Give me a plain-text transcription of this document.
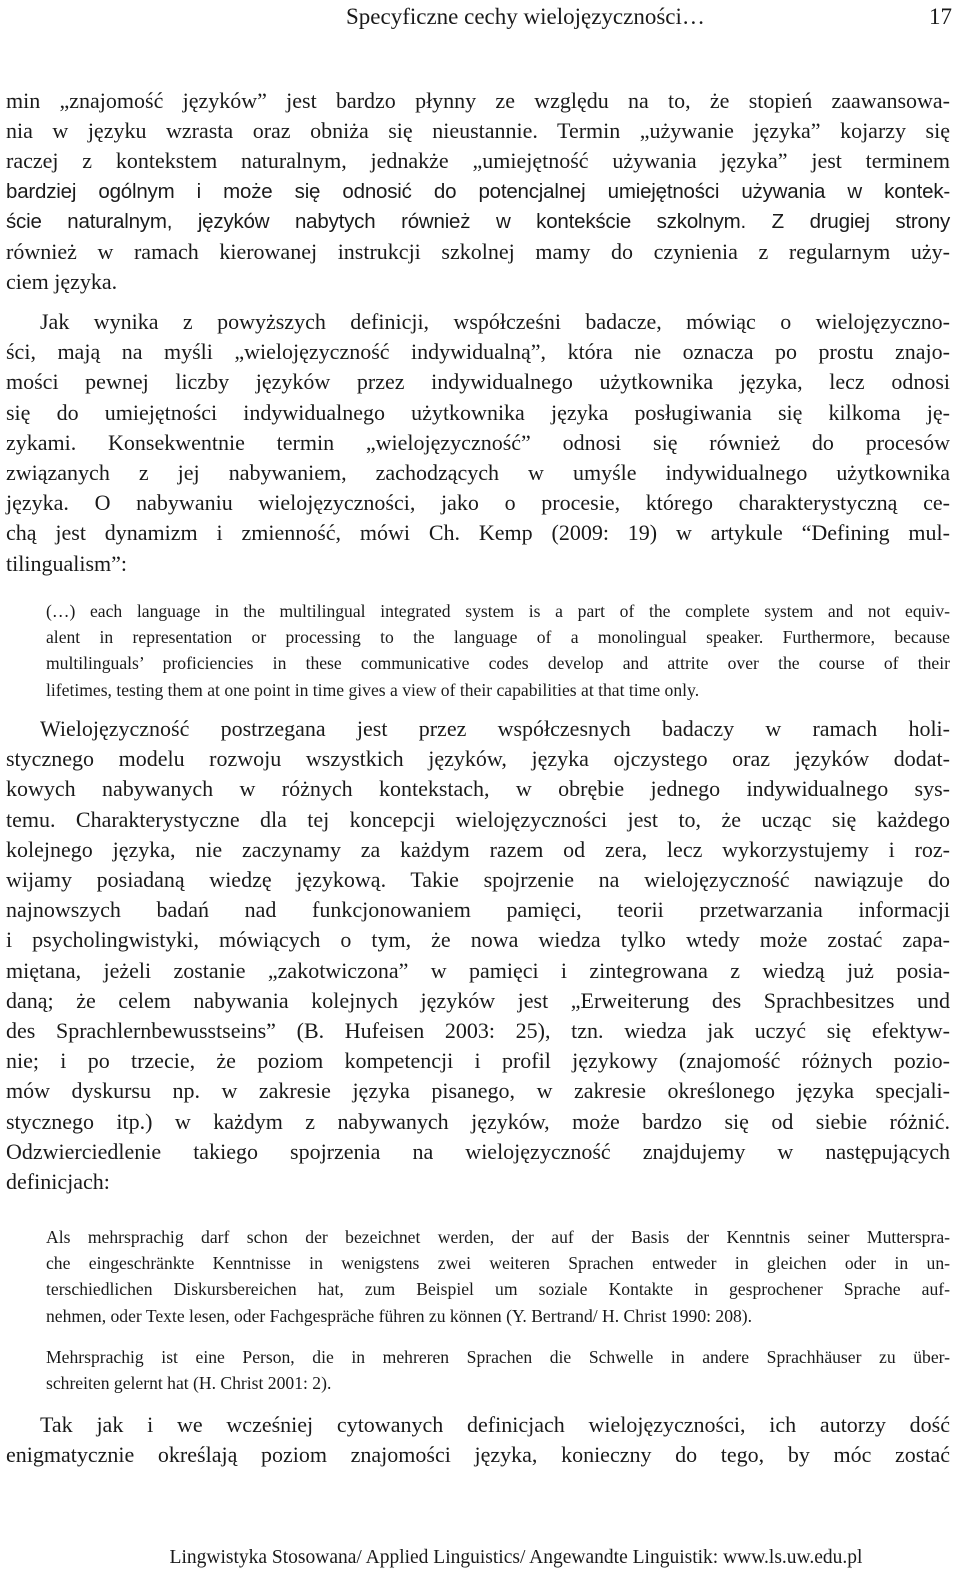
Specyficzne cechy wielojęzyczności…	17
min „znajomość języków” jest bardzo płynny ze względu na to, że stopień zaawansowa-
nia w języku wzrasta oraz obniża się nieustannie. Termin „używanie języka” kojarzy się
raczej z kontekstem naturalnym, jednakże „umiejętność używania języka” jest terminem
bardziej ogólnym i może się odnosić do potencjalnej umiejętności używania w kontek-
ście naturalnym, języków nabytych również w kontekście szkolnym. Z drugiej strony
również w ramach kierowanej instrukcji szkolnej mamy do czynienia z regularnym uży-
ciem języka.
Jak wynika z powyższych definicji, współcześni badacze, mówiąc o wielojęzyczno-
ści, mają na myśli „wielojęzyczność indywidualną”, która nie oznacza po prostu znajo-
mości pewnej liczby języków przez indywidualnego użytkownika języka, lecz odnosi
się do umiejętności indywidualnego użytkownika języka posługiwania się kilkoma ję-
zykami. Konsekwentnie termin „wielojęzyczność” odnosi się również do procesów
związanych z jej nabywaniem, zachodzących w umyśle indywidualnego użytkownika
języka. O nabywaniu wielojęzyczności, jako o procesie, którego charakterystyczną ce-
chą jest dynamizm i zmienność, mówi Ch. Kemp (2009: 19) w artykule “Defining mul-
tilingualism”:
(…) each language in the multilingual integrated system is a part of the complete system and not equiv-
alent in representation or processing to the language of a monolingual speaker. Furthermore, because
multilinguals’ proficiencies in these communicative codes develop and attrite over the course of their
lifetimes, testing them at one point in time gives a view of their capabilities at that time only.
Wielojęzyczność postrzegana jest przez współczesnych badaczy w ramach holi-
stycznego modelu rozwoju wszystkich języków, języka ojczystego oraz języków dodat-
kowych nabywanych w różnych kontekstach, w obrębie jednego indywidualnego sys-
temu. Charakterystyczne dla tej koncepcji wielojęzyczności jest to, że ucząc się każdego
kolejnego języka, nie zaczynamy za każdym razem od zera, lecz wykorzystujemy i roz-
wijamy posiadaną wiedzę językową. Takie spojrzenie na wielojęzyczność nawiązuje do
najnowszych badań nad funkcjonowaniem pamięci, teorii przetwarzania informacji
i psycholingwistyki, mówiących o tym, że nowa wiedza tylko wtedy może zostać zapa-
miętana, jeżeli zostanie „zakotwiczona” w pamięci i zintegrowana z wiedzą już posia-
daną; że celem nabywania kolejnych języków jest „Erweiterung des Sprachbesitzes und
des Sprachlernbewusstseins” (B. Hufeisen 2003: 25), tzn. wiedza jak uczyć się efektyw-
nie; i po trzecie, że poziom kompetencji i profil językowy (znajomość różnych pozio-
mów dyskursu np. w zakresie języka pisanego, w zakresie określonego języka specjali-
stycznego itp.) w każdym z nabywanych języków, może bardzo się od siebie różnić.
Odzwierciedlenie takiego spojrzenia na wielojęzyczność znajdujemy w następujących
definicjach:
Als mehrsprachig darf schon der bezeichnet werden, der auf der Basis der Kenntnis seiner Mutterspra-
che eingeschränkte Kenntnisse in wenigstens zwei weiteren Sprachen entweder in gleichen oder in un-
terschiedlichen Diskursbereichen hat, zum Beispiel um soziale Kontakte in gesprochener Sprache auf-
nehmen, oder Texte lesen, oder Fachgespräche führen zu können (Y. Bertrand/ H. Christ 1990: 208).
Mehrsprachig ist eine Person, die in mehreren Sprachen die Schwelle in andere Sprachhäuser zu über-
schreiten gelernt hat (H. Christ 2001: 2).
Tak jak i we wcześniej cytowanych definicjach wielojęzyczności, ich autorzy dość
enigmatycznie określają poziom znajomości języka, konieczny do tego, by móc zostać
Lingwistyka Stosowana/ Applied Linguistics/ Angewandte Linguistik: www.ls.uw.edu.pl
